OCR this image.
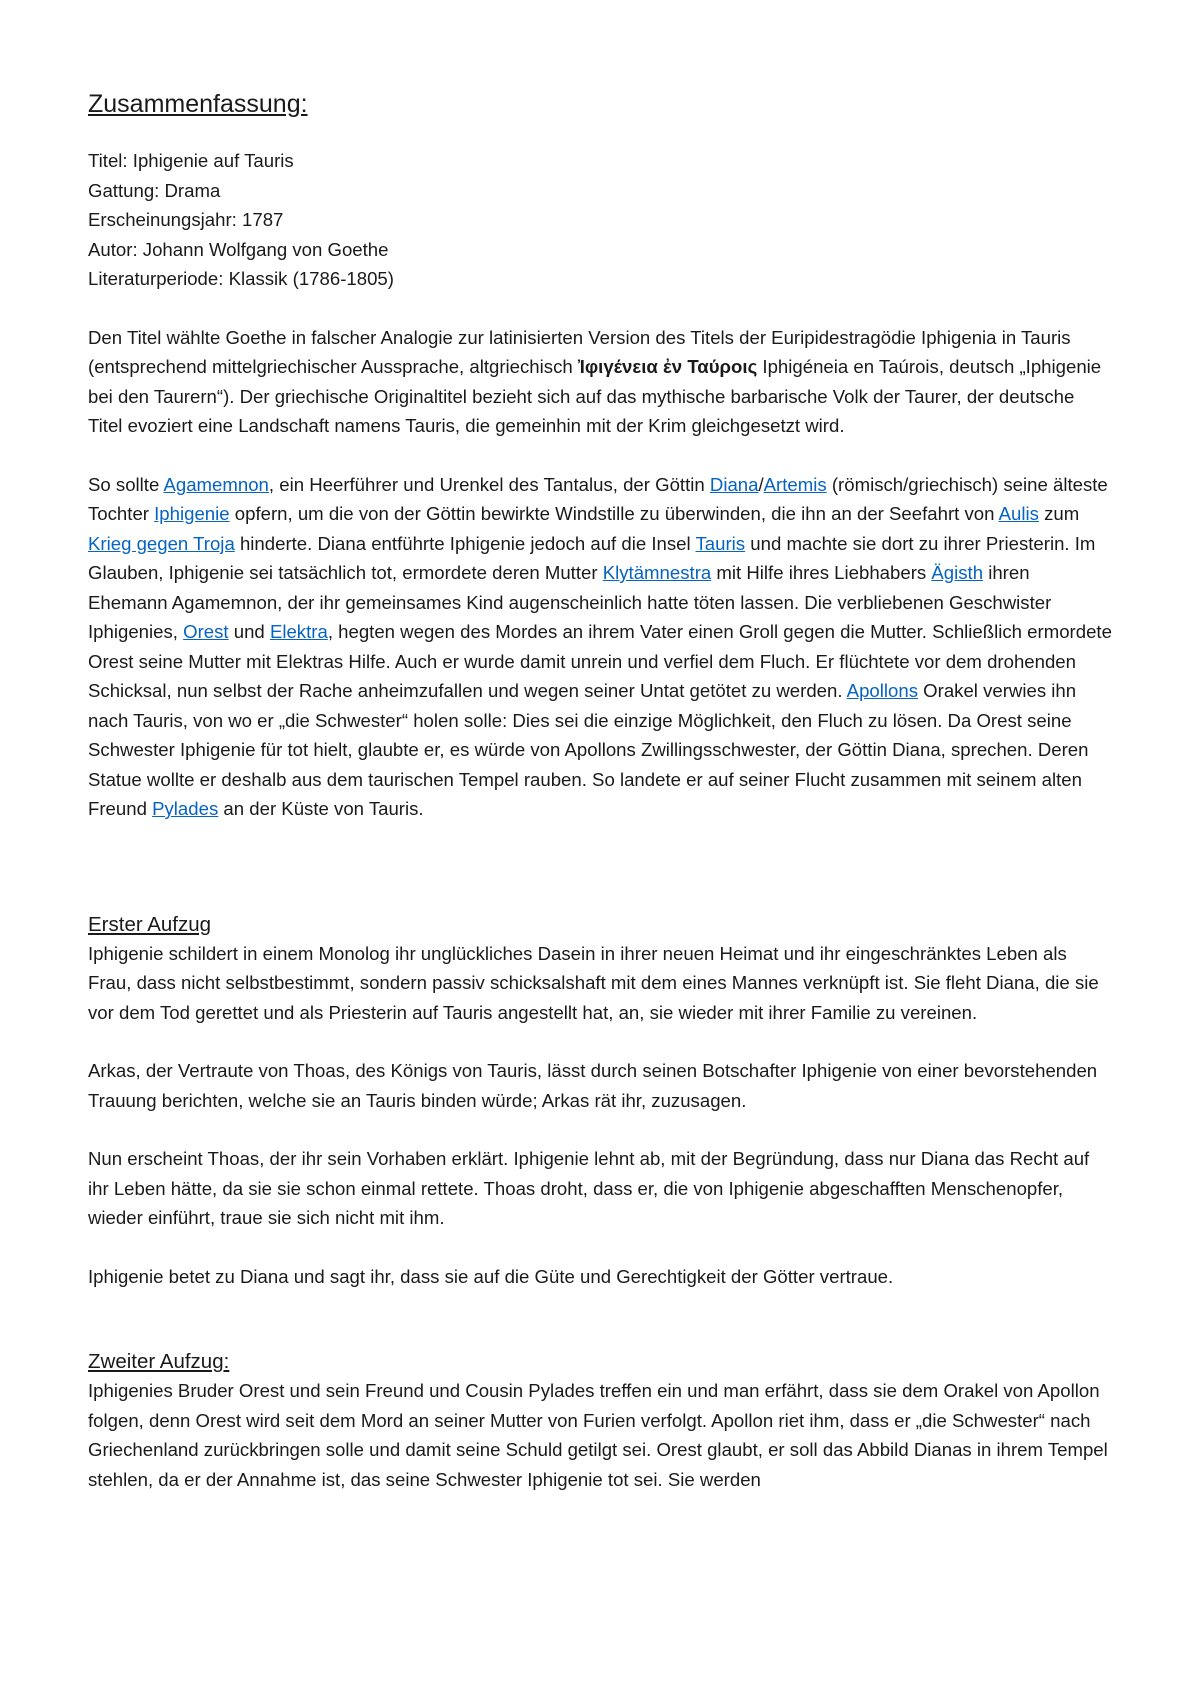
Zusammenfassung:

Titel: Iphigenie auf Tauris

Gattung: Drama

Erscheinungsjahr: 1787

Autor: Johann Wolfgang von Goethe

Literaturperiode: Klassik (1786-1805)

Den Titel wählte Goethe in falscher Analogie zur latinisierten Version des Titels der Euripidestragödie Iphigenia in Tauris (entsprechend mittelgriechischer Aussprache, altgriechisch Ἰφιγένεια ἐν Ταύροις Iphigéneia en Taúrois, deutsch „Iphigenie bei den Taurern“). Der griechische Originaltitel bezieht sich auf das mythische barbarische Volk der Taurer, der deutsche Titel evoziert eine Landschaft namens Tauris, die gemeinhin mit der Krim gleichgesetzt wird.

So sollte Agamemnon, ein Heerführer und Urenkel des Tantalus, der Göttin Diana/Artemis (römisch/griechisch) seine älteste Tochter Iphigenie opfern, um die von der Göttin bewirkte Windstille zu überwinden, die ihn an der Seefahrt von Aulis zum Krieg gegen Troja hinderte. Diana entführte Iphigenie jedoch auf die Insel Tauris und machte sie dort zu ihrer Priesterin. Im Glauben, Iphigenie sei tatsächlich tot, ermordete deren Mutter Klytämnestra mit Hilfe ihres Liebhabers Ägisth ihren Ehemann Agamemnon, der ihr gemeinsames Kind augenscheinlich hatte töten lassen. Die verbliebenen Geschwister Iphigenies, Orest und Elektra, hegten wegen des Mordes an ihrem Vater einen Groll gegen die Mutter. Schließlich ermordete Orest seine Mutter mit Elektras Hilfe. Auch er wurde damit unrein und verfiel dem Fluch. Er flüchtete vor dem drohenden Schicksal, nun selbst der Rache anheimzufallen und wegen seiner Untat getötet zu werden. Apollons Orakel verwies ihn nach Tauris, von wo er „die Schwester“ holen solle: Dies sei die einzige Möglichkeit, den Fluch zu lösen. Da Orest seine Schwester Iphigenie für tot hielt, glaubte er, es würde von Apollons Zwillingsschwester, der Göttin Diana, sprechen. Deren Statue wollte er deshalb aus dem taurischen Tempel rauben. So landete er auf seiner Flucht zusammen mit seinem alten Freund Pylades an der Küste von Tauris.

Erster Aufzug

Iphigenie schildert in einem Monolog ihr unglückliches Dasein in ihrer neuen Heimat und ihr eingeschränktes Leben als Frau, dass nicht selbstbestimmt, sondern passiv schicksalshaft mit dem eines Mannes verknüpft ist. Sie fleht Diana, die sie vor dem Tod gerettet und als Priesterin auf Tauris angestellt hat, an, sie wieder mit ihrer Familie zu vereinen.

Arkas, der Vertraute von Thoas, des Königs von Tauris, lässt durch seinen Botschafter Iphigenie von einer bevorstehenden Trauung berichten, welche sie an Tauris binden würde; Arkas rät ihr, zuzusagen.

Nun erscheint Thoas, der ihr sein Vorhaben erklärt. Iphigenie lehnt ab, mit der Begründung, dass nur Diana das Recht auf ihr Leben hätte, da sie sie schon einmal rettete. Thoas droht, dass er, die von Iphigenie abgeschafften Menschenopfer, wieder einführt, traue sie sich nicht mit ihm.

Iphigenie betet zu Diana und sagt ihr, dass sie auf die Güte und Gerechtigkeit der Götter vertraue.

Zweiter Aufzug:

Iphigenies Bruder Orest und sein Freund und Cousin Pylades treffen ein und man erfährt, dass sie dem Orakel von Apollon folgen, denn Orest wird seit dem Mord an seiner Mutter von Furien verfolgt. Apollon riet ihm, dass er „die Schwester“ nach Griechenland zurückbringen solle und damit seine Schuld getilgt sei. Orest glaubt, er soll das Abbild Dianas in ihrem Tempel stehlen, da er der Annahme ist, das seine Schwester Iphigenie tot sei. Sie werden
